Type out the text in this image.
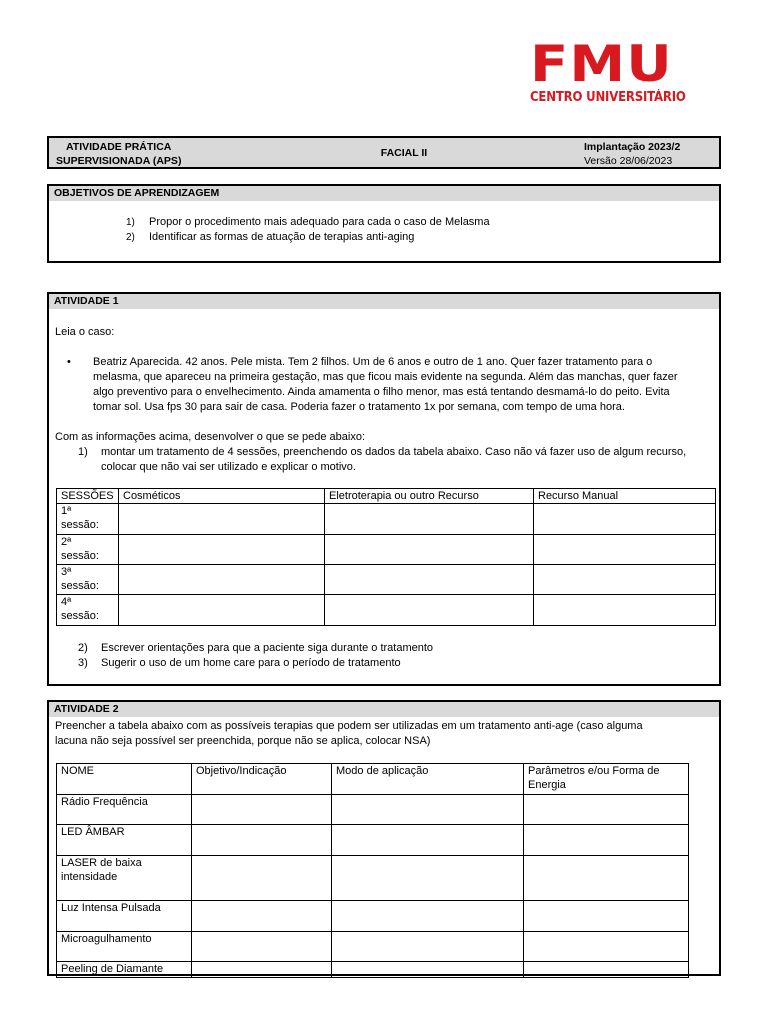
FMU
CENTRO UNIVERSITÁRIO
ATIVIDADE PRÁTICA
SUPERVISIONADA (APS)
FACIAL II	Implantação 2023/2
Versão 28/06/2023
OBJETIVOS DE APRENDIZAGEM
1)	Propor o procedimento mais adequado para cada o caso de Melasma
2)	Identificar as formas de atuação de terapias anti-aging
ATIVIDADE 1
Leia o caso:
• Beatriz Aparecida. 42 anos. Pele mista. Tem 2 filhos. Um de 6 anos e outro de 1 ano. Quer fazer tratamento para o
melasma, que apareceu na primeira gestação, mas que ficou mais evidente na segunda. Além das manchas, quer fazer
algo preventivo para o envelhecimento. Ainda amamenta o filho menor, mas está tentando desmamá-lo do peito. Evita
tomar sol. Usa fps 30 para sair de casa. Poderia fazer o tratamento 1x por semana, com tempo de uma hora.
Com as informações acima, desenvolver o que se pede abaixo:
1) montar um tratamento de 4 sessões, preenchendo os dados da tabela abaixo. Caso não vá fazer uso de algum recurso,
colocar que não vai ser utilizado e explicar o motivo.
SESSÕES	Cosméticos	Eletroterapia ou outro Recurso	Recurso Manual

1ª
sessão:			

2ª
sessão:			

3ª
sessão:			

4ª
sessão:			

2) Escrever orientações para que a paciente siga durante o tratamento
3) Sugerir o uso de um home care para o período de tratamento
ATIVIDADE 2
Preencher a tabela abaixo com as possíveis terapias que podem ser utilizadas em um tratamento anti-age (caso alguma
lacuna não seja possível ser preenchida, porque não se aplica, colocar NSA)
NOME	Objetivo/Indicação	Modo de aplicação	Parâmetros e/ou Forma de Energia
Rádio Frequência			
LED ÂMBAR			
LASER de baixa intensidade			
Luz Intensa Pulsada			
Microagulhamento			
Peeling de Diamante			
